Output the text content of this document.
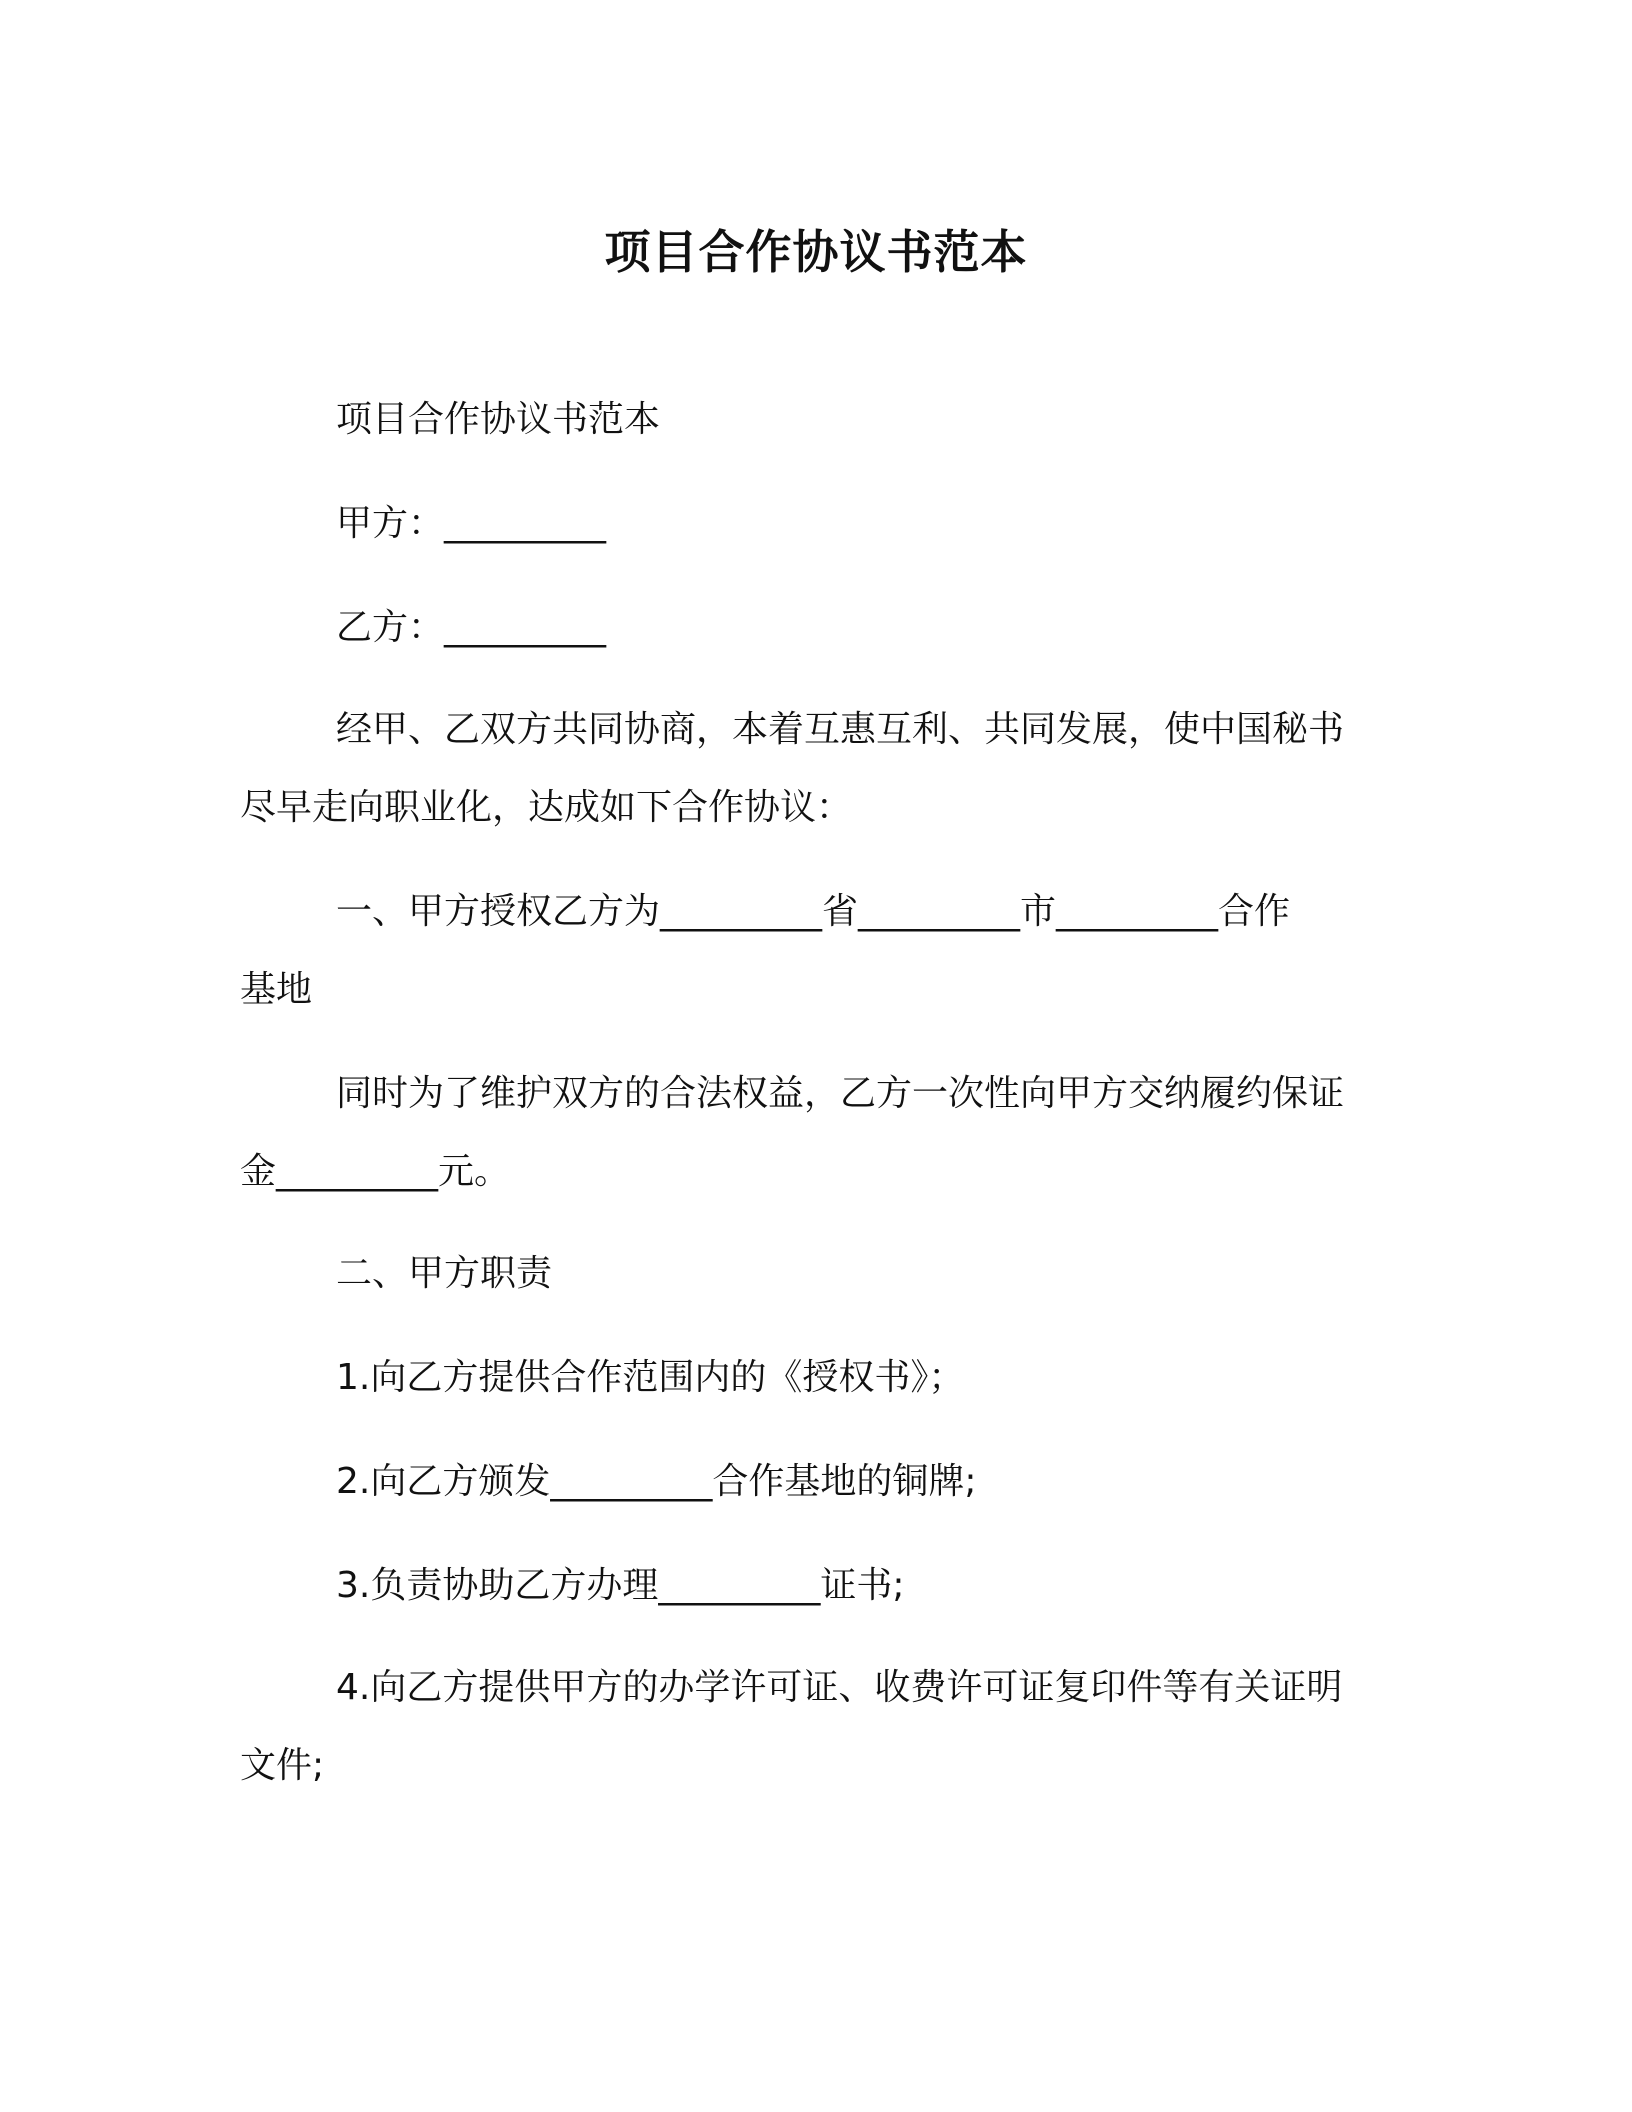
项目合作协议书范本
项目合作协议书范本
甲方：_________
乙方：_________
经甲、乙双方共同协商，本着互惠互利、共同发展，使中国秘书
尽早走向职业化，达成如下合作协议：
一、甲方授权乙方为_________省_________市_________合作
基地
同时为了维护双方的合法权益，乙方一次性向甲方交纳履约保证
金_________元。
二、甲方职责
1.向乙方提供合作范围内的《授权书》；
2.向乙方颁发_________合作基地的铜牌;
3.负责协助乙方办理_________证书;
4.向乙方提供甲方的办学许可证、收费许可证复印件等有关证明
文件;
